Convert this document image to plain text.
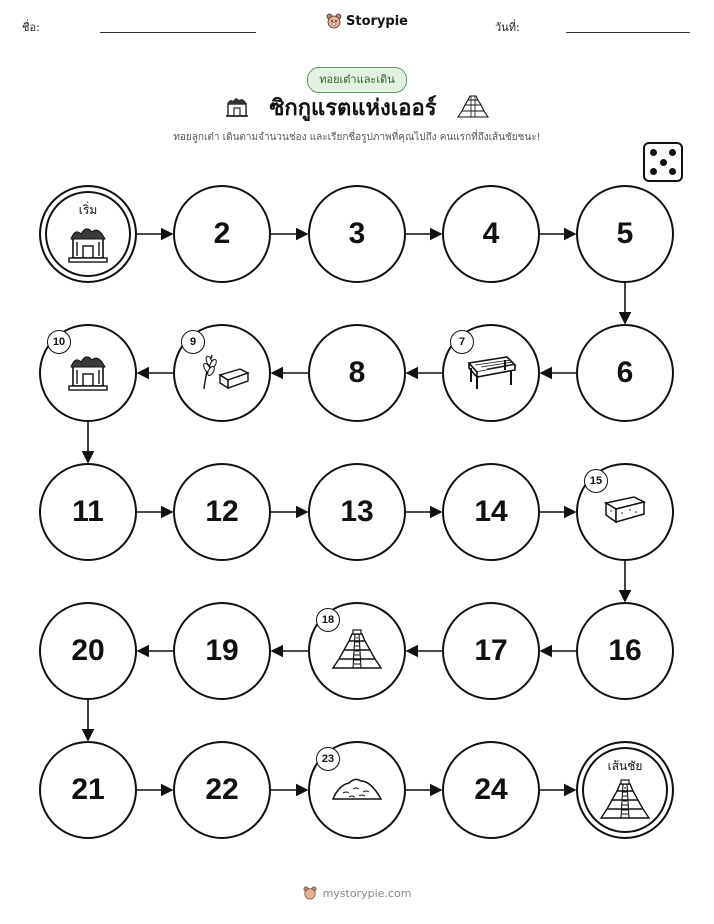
ชื่อ:	วันที่:
Storypie
ทอยเต๋าและเดิน
ซิกกูแรตแห่งเออร์
ทอยลูกเต๋า เดินตามจำนวนช่อง และเรียกชื่อรูปภาพที่คุณไปถึง คนแรกที่ถึงเส้นชัยชนะ!
เริ่ม
2	3	4	5
6
7
8
9
10
11	12	13	14
15
16
17
18
19
20
21	22
23
24
เส้นชัย
mystorypie.com
